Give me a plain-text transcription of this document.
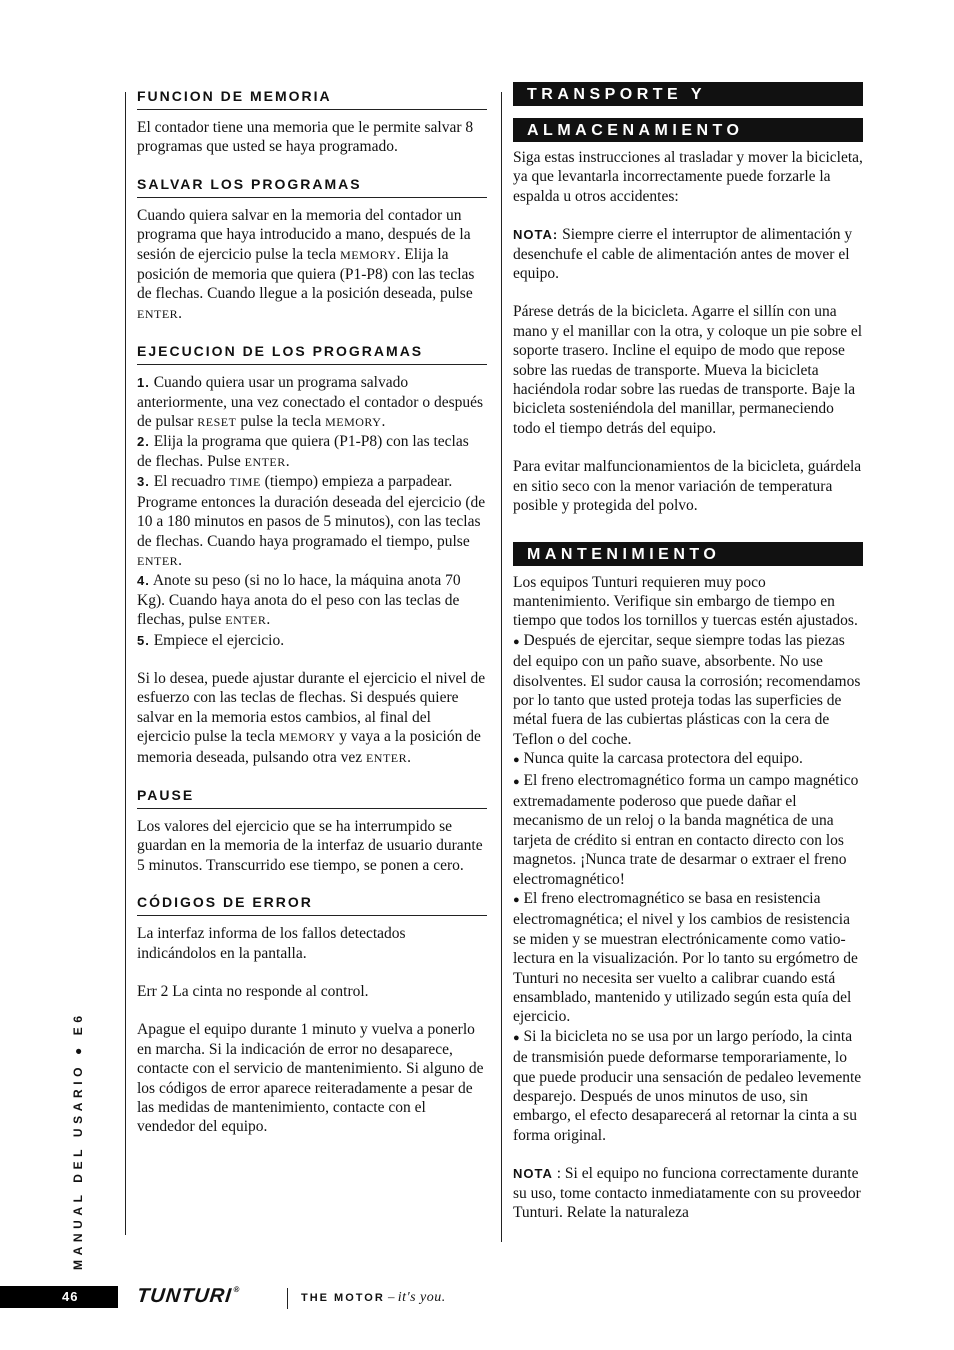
FUNCION DE MEMORIA

El contador tiene una memoria que le permite salvar 8 programas que usted se haya programado.

SALVAR LOS PROGRAMAS

Cuando quiera salvar en la memoria del contador un programa que haya introducido a mano, después de la sesión de ejercicio pulse la tecla MEMORY. Elija la posición de memoria que quiera (P1-P8) con las teclas de flechas. Cuando llegue a la posición deseada, pulse ENTER.

EJECUCION DE LOS PROGRAMAS

1. Cuando quiera usar un programa salvado anteriormente, una vez conectado el contador o después de pulsar RESET pulse la tecla MEMORY.
2. Elija la programa que quiera (P1-P8) con las teclas de flechas. Pulse ENTER.
3. El recuadro TIME (tiempo) empieza a parpadear. Programe entonces la duración deseada del ejercicio (de 10 a 180 minutos en pasos de 5 minutos), con las teclas de flechas. Cuando haya programado el tiempo, pulse ENTER.
4. Anote su peso (si no lo hace, la máquina anota 70 Kg). Cuando haya anota do el peso con las teclas de flechas, pulse ENTER.
5. Empiece el ejercicio.

Si lo desea, puede ajustar durante el ejercicio el nivel de esfuerzo con las teclas de flechas. Si después quiere salvar en la memoria estos cambios, al final del ejercicio pulse la tecla MEMORY y vaya a la posición de memoria deseada, pulsando otra vez ENTER.

PAUSE

Los valores del ejercicio que se ha interrumpido se guardan en la memoria de la interfaz de usuario durante 5 minutos. Transcurrido ese tiempo, se ponen a cero.

CÓDIGOS DE ERROR

La interfaz informa de los fallos detectados indicándolos en la pantalla.

Err 2 La cinta no responde al control.

Apague el equipo durante 1 minuto y vuelva a ponerlo en marcha. Si la indicación de error no desaparece, contacte con el servicio de mantenimiento. Si alguno de los códigos de error aparece reiteradamente a pesar de las medidas de mantenimiento, contacte con el vendedor del equipo.

TRANSPORTE Y
ALMACENAMIENTO

Siga estas instrucciones al trasladar y mover la bicicleta, ya que levantarla incorrectamente puede forzarle la espalda u otros accidentes:

NOTA: Siempre cierre el interruptor de alimentación y desenchufe el cable de alimentación antes de mover el equipo.

Párese detrás de la bicicleta. Agarre el sillín con una mano y el manillar con la otra, y coloque un pie sobre el soporte trasero. Incline el equipo de modo que repose sobre las ruedas de transporte. Mueva la bicicleta haciéndola rodar sobre las ruedas de transporte. Baje la bicicleta sosteniéndola del manillar, permaneciendo todo el tiempo detrás del equipo.

Para evitar malfuncionamientos de la bicicleta, guárdela en sitio seco con la menor variación de temperatura posible y protegida del polvo.

MANTENIMIENTO

Los equipos Tunturi requieren muy poco mantenimiento. Verifique sin embargo de tiempo en tiempo que todos los tornillos y tuercas estén ajustados.
● Después de ejercitar, seque siempre todas las piezas del equipo con un paño suave, absorbente. No use disolventes. El sudor causa la corrosión; recomendamos por lo tanto que usted proteja todas las superficies de métal fuera de las cubiertas plásticas con la cera de Teflon o del coche.
● Nunca quite la carcasa protectora del equipo.
● El freno electromagnético forma un campo magnético extremadamente poderoso que puede dañar el mecanismo de un reloj o la banda magnética de una tarjeta de crédito si entran en contacto directo con los magnetos. ¡Nunca trate de desarmar o extraer el freno electromagnético!
● El freno electromagnético se basa en resistencia electromagnética; el nivel y los cambios de resistencia se miden y se muestran electrónicamente como vatio-lectura en la visualización. Por lo tanto su ergómetro de Tunturi no necesita ser vuelto a calibrar cuando está ensamblado, mantenido y utilizado según esta quía del ejercicio.
● Si la bicicleta no se usa por un largo período, la cinta de transmisión puede deformarse temporariamente, lo que puede producir una sensación de pedaleo levemente desparejo. Después de unos minutos de uso, sin embargo, el efecto desaparecerá al retornar la cinta a su forma original.

NOTA : Si el equipo no funciona correctamente durante su uso, tome contacto inmediatamente con su proveedor Tunturi. Relate la naturaleza

MANUAL DEL USARIO ● E6
46	TUNTURI®
THE MOTOR – it's you.
